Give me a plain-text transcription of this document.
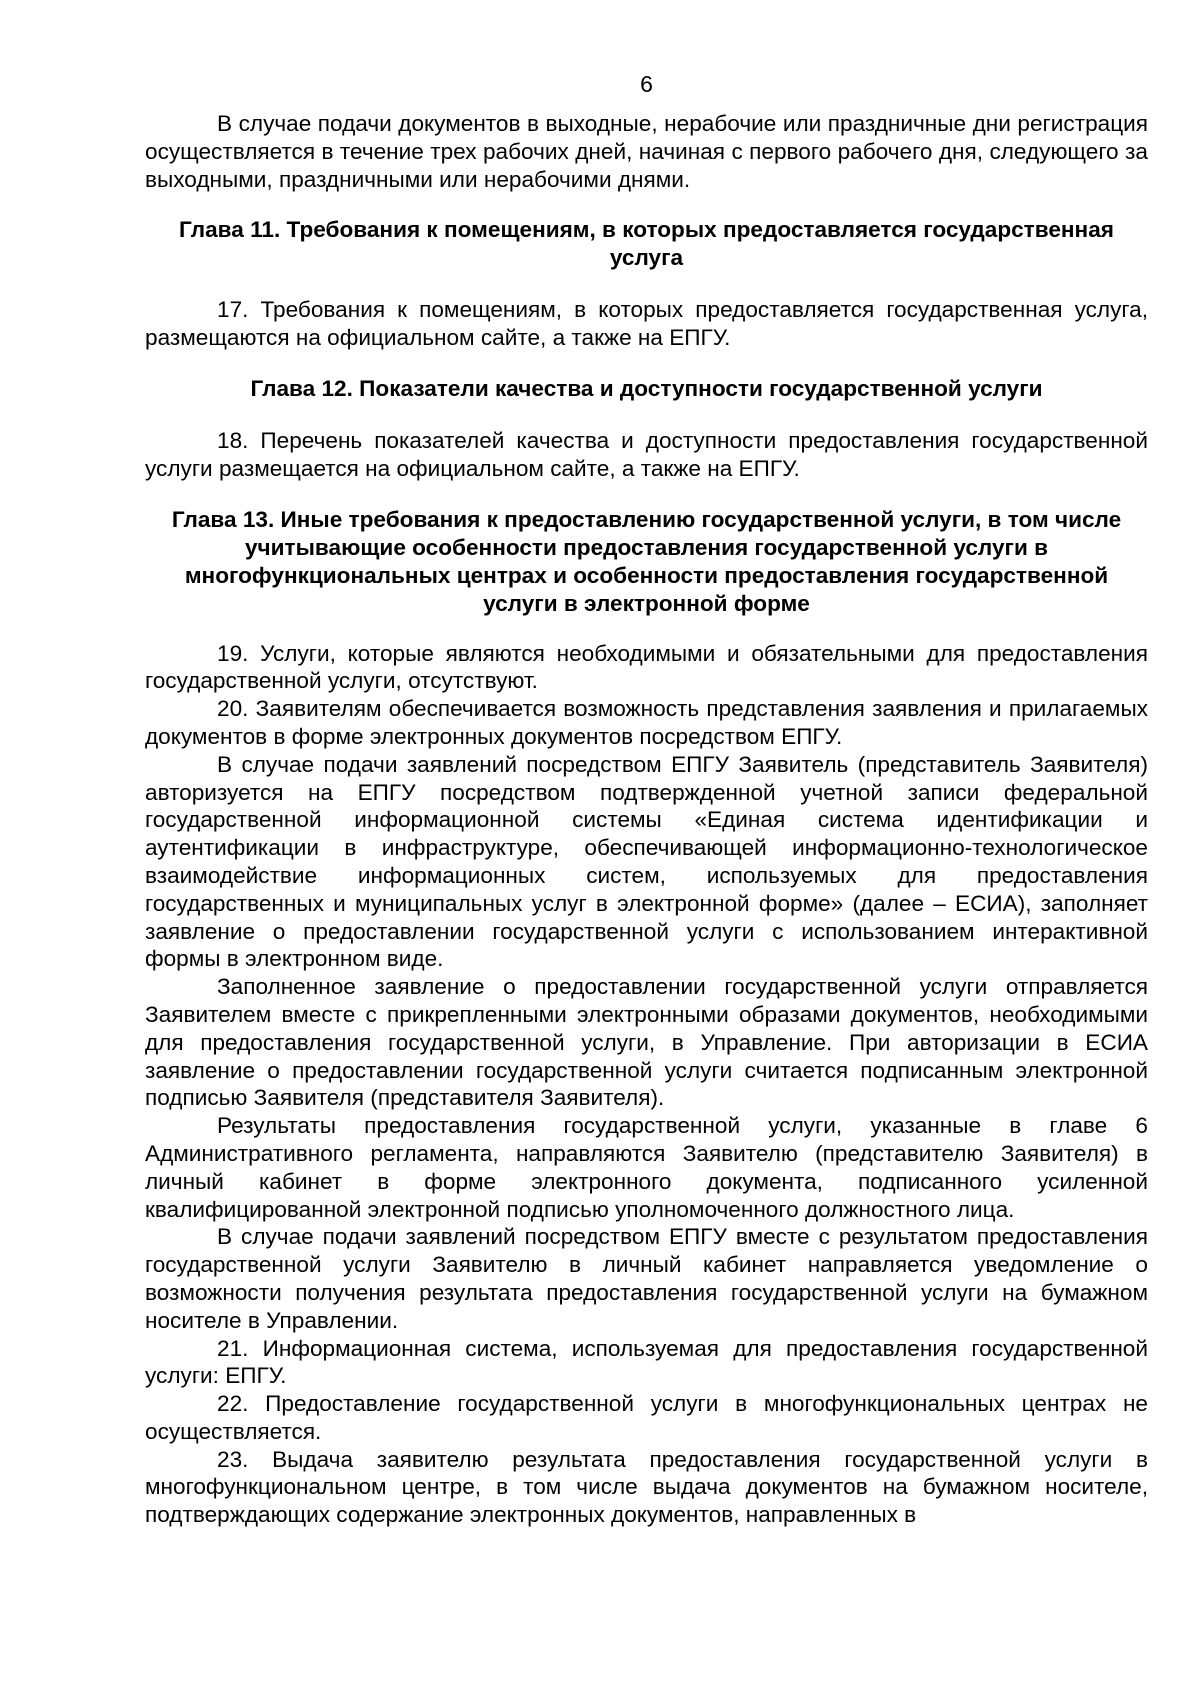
6

В случае подачи документов в выходные, нерабочие или праздничные дни регистрация осуществляется в течение трех рабочих дней, начиная с первого рабочего дня, следующего за выходными, праздничными или нерабочими днями.

Глава 11. Требования к помещениям, в которых предоставляется государственная услуга

17. Требования к помещениям, в которых предоставляется государственная услуга, размещаются на официальном сайте, а также на ЕПГУ.

Глава 12. Показатели качества и доступности государственной услуги

18. Перечень показателей качества и доступности предоставления государственной услуги размещается на официальном сайте, а также на ЕПГУ.

Глава 13. Иные требования к предоставлению государственной услуги, в том числе учитывающие особенности предоставления государственной услуги в многофункциональных центрах и особенности предоставления государственной услуги в электронной форме

19. Услуги, которые являются необходимыми и обязательными для предоставления государственной услуги, отсутствуют.

20. Заявителям обеспечивается возможность представления заявления и прилагаемых документов в форме электронных документов посредством ЕПГУ.

В случае подачи заявлений посредством ЕПГУ Заявитель (представитель Заявителя) авторизуется на ЕПГУ посредством подтвержденной учетной записи федеральной государственной информационной системы «Единая система идентификации и аутентификации в инфраструктуре, обеспечивающей информационно-технологическое взаимодействие информационных систем, используемых для предоставления государственных и муниципальных услуг в электронной форме» (далее – ЕСИА), заполняет заявление о предоставлении государственной услуги с использованием интерактивной формы в электронном виде.

Заполненное заявление о предоставлении государственной услуги отправляется Заявителем вместе с прикрепленными электронными образами документов, необходимыми для предоставления государственной услуги, в Управление. При авторизации в ЕСИА заявление о предоставлении государственной услуги считается подписанным электронной подписью Заявителя (представителя Заявителя).

Результаты предоставления государственной услуги, указанные в главе 6 Административного регламента, направляются Заявителю (представителю Заявителя) в личный кабинет в форме электронного документа, подписанного усиленной квалифицированной электронной подписью уполномоченного должностного лица.

В случае подачи заявлений посредством ЕПГУ вместе с результатом предоставления государственной услуги Заявителю в личный кабинет направляется уведомление о возможности получения результата предоставления государственной услуги на бумажном носителе в Управлении.

21. Информационная система, используемая для предоставления государственной услуги: ЕПГУ.

22. Предоставление государственной услуги в многофункциональных центрах не осуществляется.

23. Выдача заявителю результата предоставления государственной услуги в многофункциональном центре, в том числе выдача документов на бумажном носителе, подтверждающих содержание электронных документов, направленных в
